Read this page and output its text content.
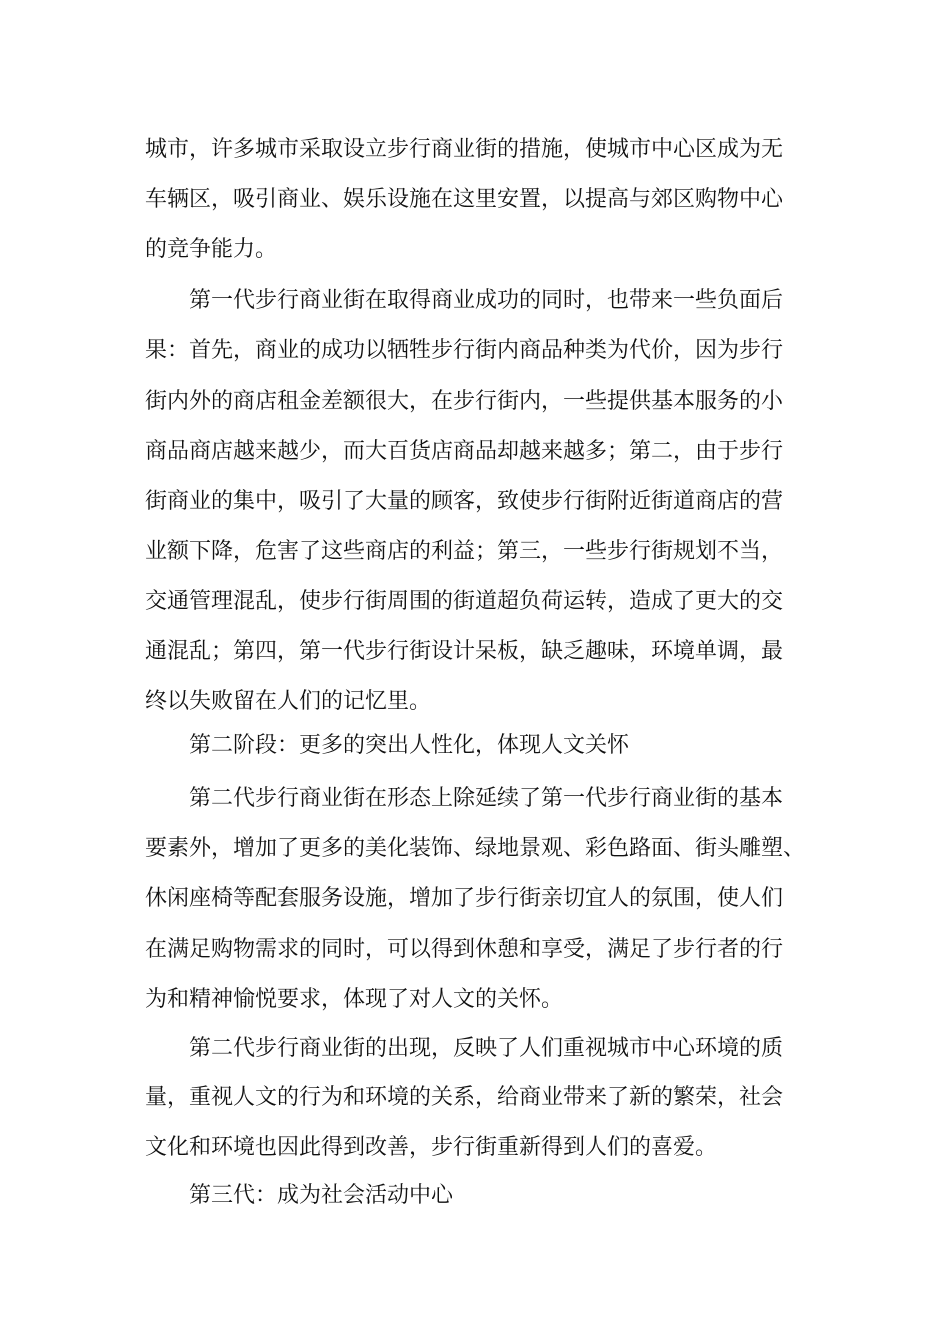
城市，许多城市采取设立步行商业街的措施，使城市中心区成为无

车辆区，吸引商业、娱乐设施在这里安置，以提高与郊区购物中心

的竞争能力。

第一代步行商业街在取得商业成功的同时，也带来一些负面后

果：首先，商业的成功以牺牲步行街内商品种类为代价，因为步行

街内外的商店租金差额很大，在步行街内，一些提供基本服务的小

商品商店越来越少，而大百货店商品却越来越多；第二，由于步行

街商业的集中，吸引了大量的顾客，致使步行街附近街道商店的营

业额下降，危害了这些商店的利益；第三，一些步行街规划不当，

交通管理混乱，使步行街周围的街道超负荷运转，造成了更大的交

通混乱；第四，第一代步行街设计呆板，缺乏趣味，环境单调，最

终以失败留在人们的记忆里。

第二阶段：更多的突出人性化，体现人文关怀

第二代步行商业街在形态上除延续了第一代步行商业街的基本

要素外，增加了更多的美化装饰、绿地景观、彩色路面、街头雕塑、

休闲座椅等配套服务设施，增加了步行街亲切宜人的氛围，使人们

在满足购物需求的同时，可以得到休憩和享受，满足了步行者的行

为和精神愉悦要求，体现了对人文的关怀。

第二代步行商业街的出现，反映了人们重视城市中心环境的质

量，重视人文的行为和环境的关系，给商业带来了新的繁荣，社会

文化和环境也因此得到改善，步行街重新得到人们的喜爱。

第三代：成为社会活动中心
